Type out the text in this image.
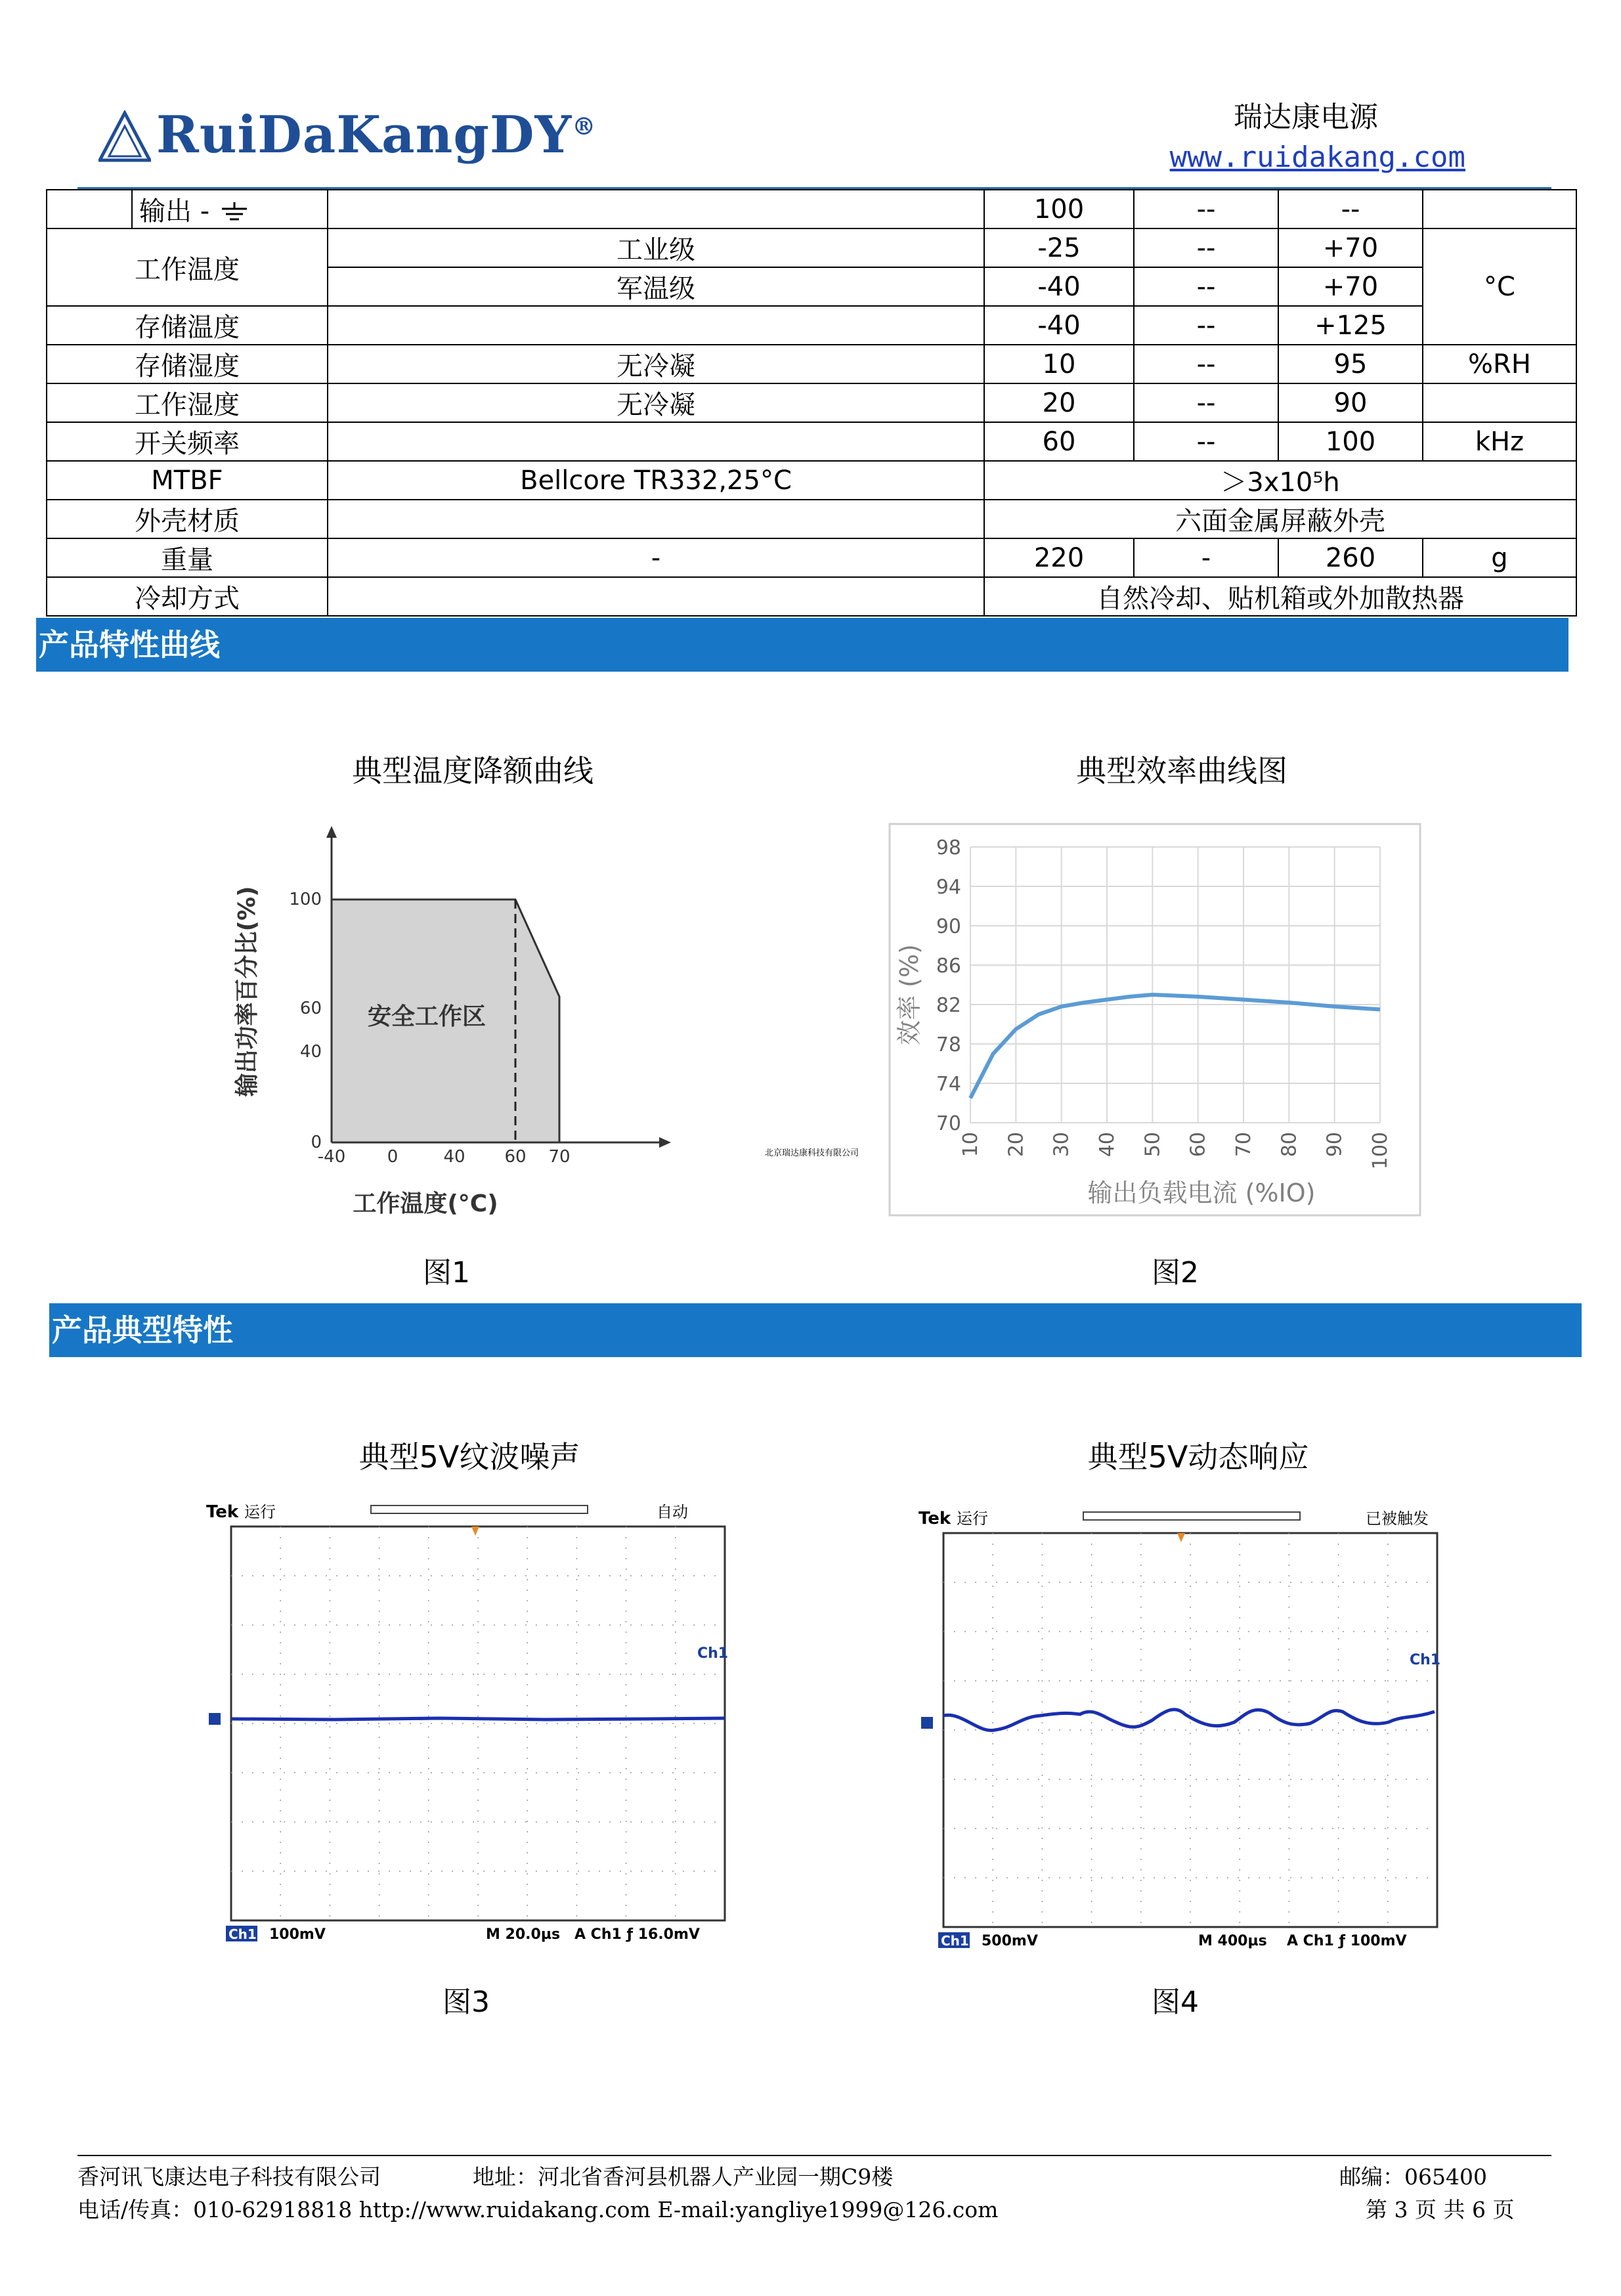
RuiDaKangDY®	瑞达康电源
www.ruidakang.com
	输出 -		100	--	--	
工作温度		工业级	-25	--	+70	°C
		军温级	-40	--	+70	
存储温度			-40	--	+125	
存储湿度		无冷凝	10	--	95	%RH
工作湿度		无冷凝	20	--	90	
开关频率			60	--	100	kHz
MTBF		Bellcore TR332,25°C	＞3x10⁵h			
外壳材质			六面金属屏蔽外壳			
重量		-	220	-	260	g
冷却方式			自然冷却、贴机箱或外加散热器			
产品特性曲线
典型温度降额曲线	典型效率曲线图
-40 0	40 60 70
0
40
60
100
安全工作区
工作温度(°C)
输出功率百分比(%)
北京瑞达康科技有限公司
70
74
78
82
86
90
94
98
10 20 30 40 50 60 70 80 90 100
输出负载电流 (%IO)
效率 (%)
图1	图2
产品典型特性
典型5V纹波噪声	典型5V动态响应
Tek 运行	自动
Ch1
Ch1 100mV	M 20.0µs A Ch1 ƒ 16.0mV
Tek 运行	已被触发
Ch1
Ch1 500mV	M 400µs A Ch1 ƒ 100mV
图3	图4
香河讯飞康达电子科技有限公司	地址：河北省香河县机器人产业园一期C9楼	邮编：065400
电话/传真：010-62918818 http://www.ruidakang.com E-mail:yangliye1999@126.com	第 3 页 共 6 页
